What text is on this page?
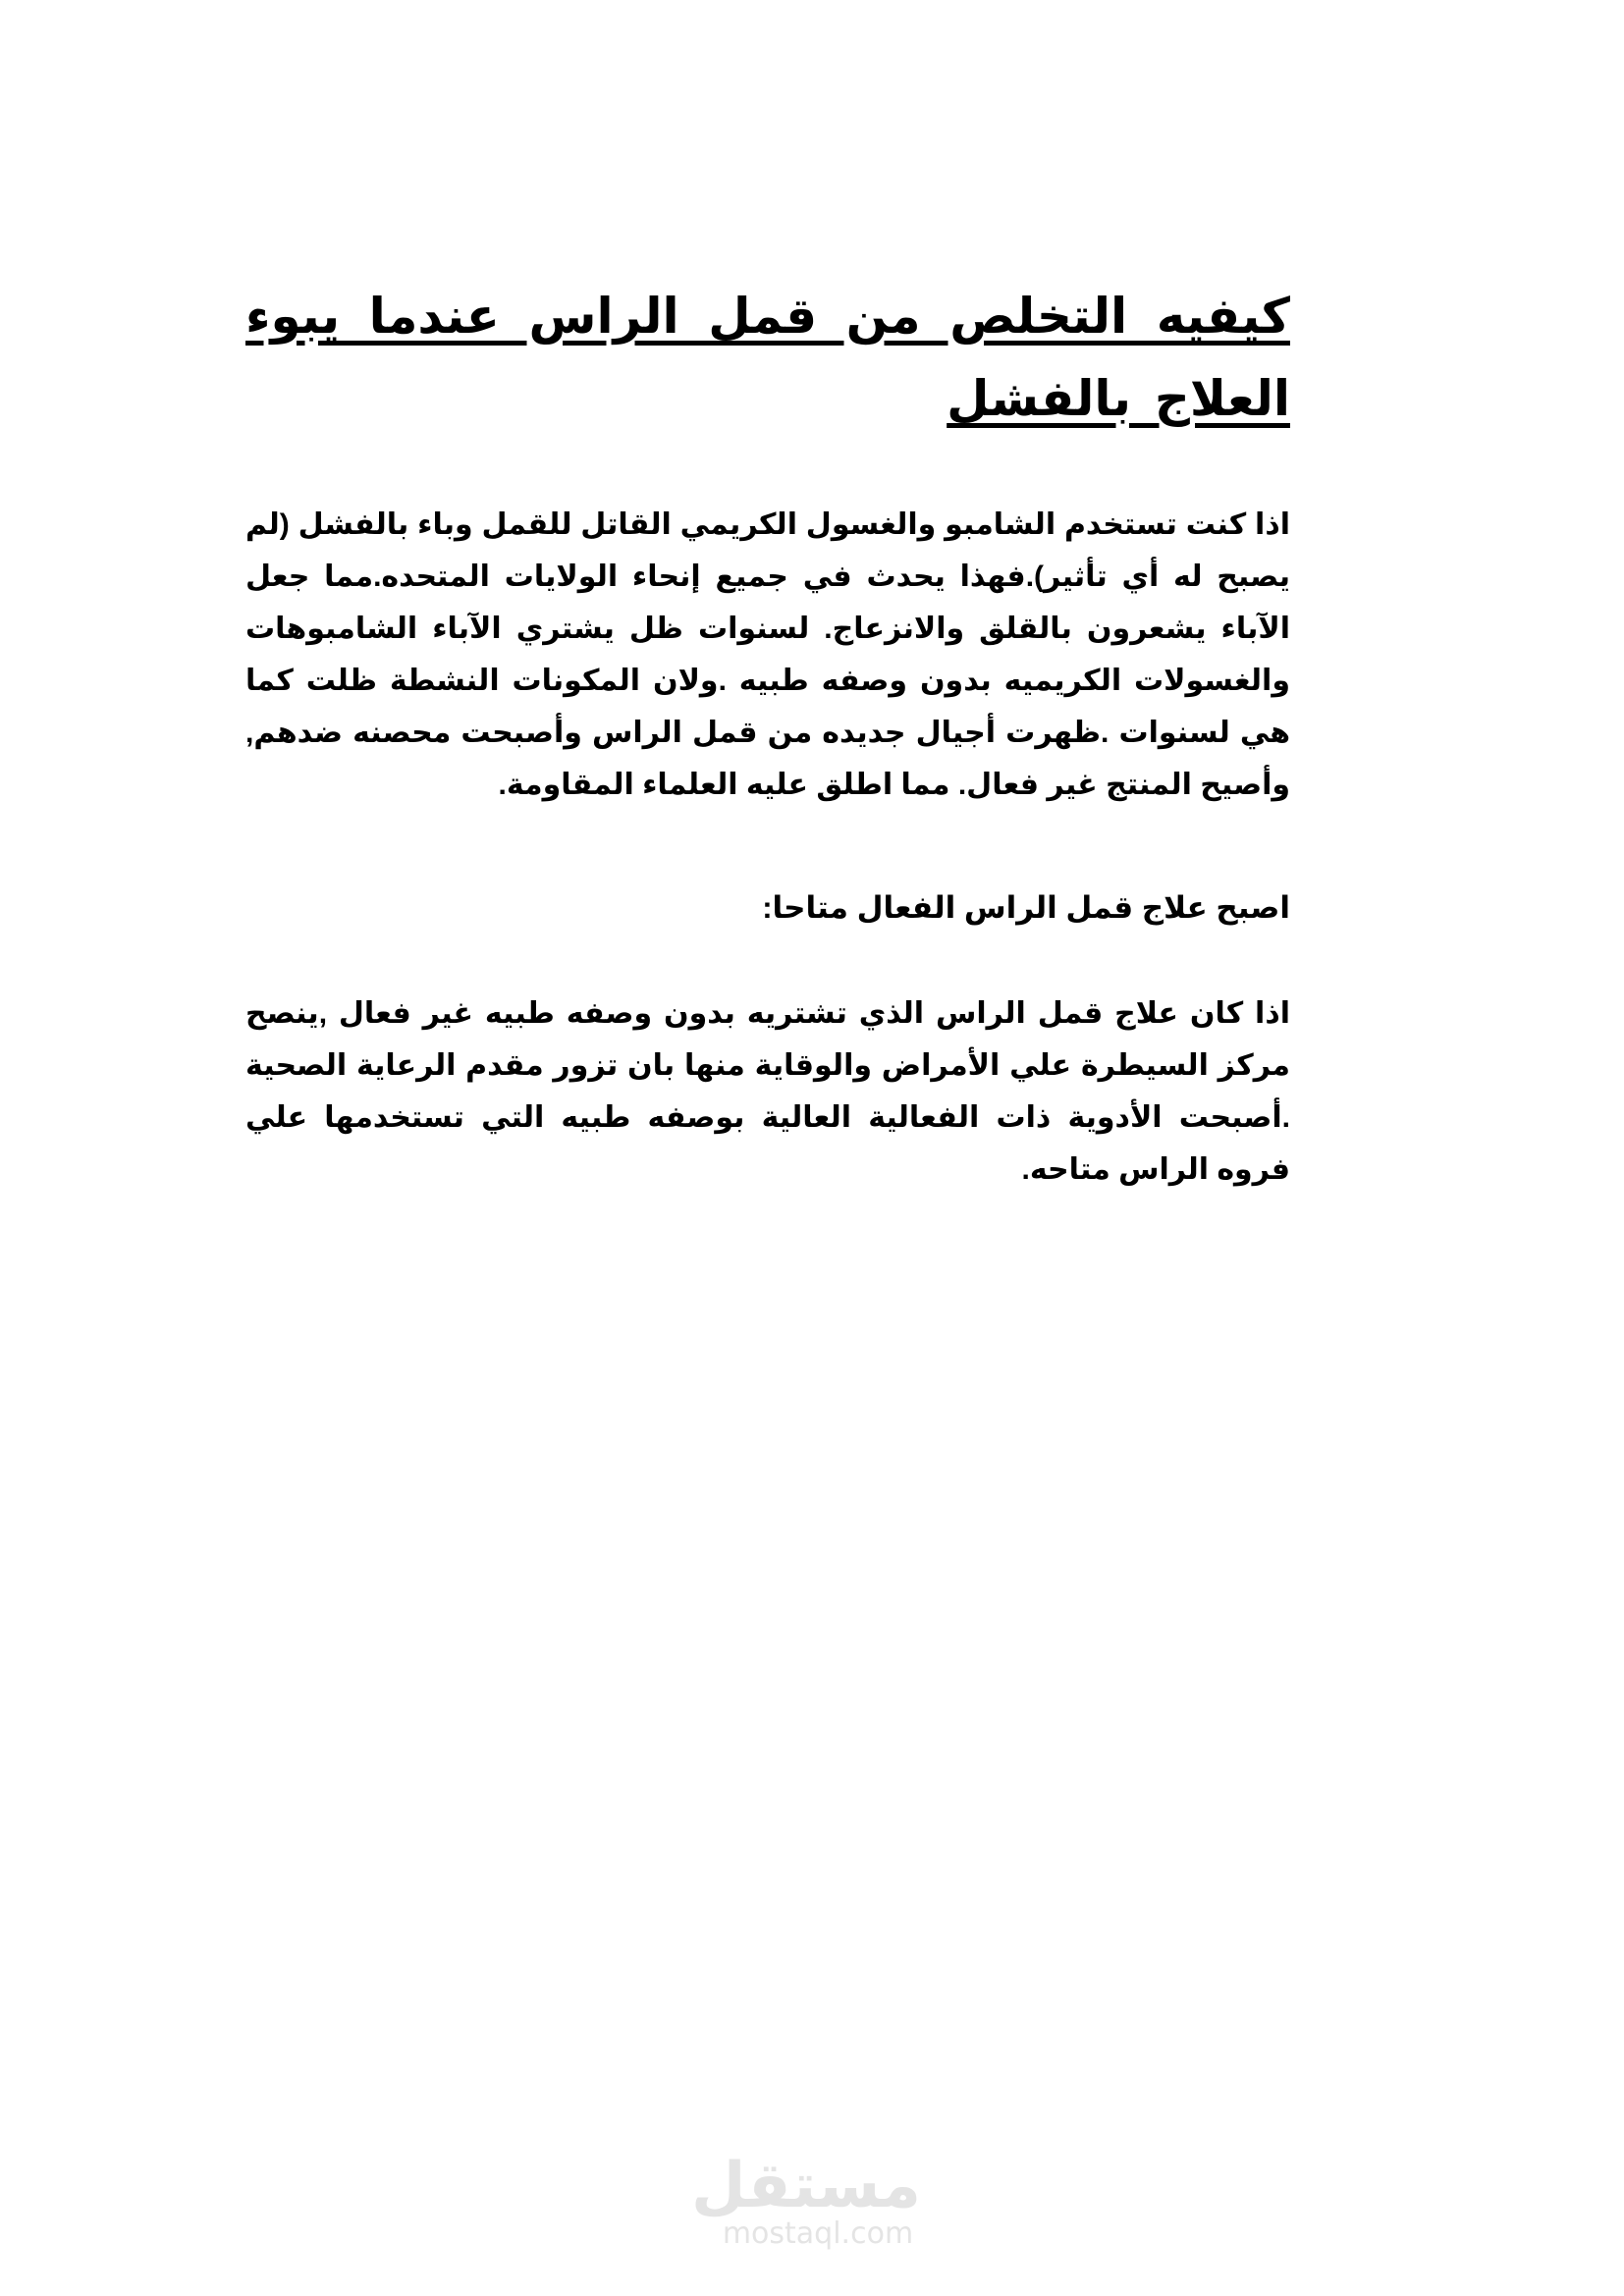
كيفيه التخلص من قمل الراس عندما يبوء العلاج بالفشل
اذا كنت تستخدم الشامبو والغسول الكريمي القاتل للقمل وباء بالفشل (لم يصبح له أي تأثير).فهذا يحدث في جميع إنحاء الولايات المتحده.مما جعل الآباء يشعرون بالقلق والانزعاج. لسنوات ظل يشتري الآباء الشامبوهات والغسولات الكريميه بدون وصفه طبيه .ولان المكونات النشطة ظلت كما هي لسنوات .ظهرت أجيال جديده من قمل الراس وأصبحت محصنه ضدهم, وأصيح المنتج غير فعال. مما اطلق عليه العلماء المقاومة.
اصبح علاج قمل الراس الفعال متاحا:
اذا كان علاج قمل الراس الذي تشتريه بدون وصفه طبيه غير فعال ,ينصح مركز السيطرة علي الأمراض والوقاية منها بان تزور مقدم الرعاية الصحية .أصبحت الأدوية ذات الفعالية العالية بوصفه طبيه التي تستخدمها علي فروه الراس متاحه.
مستقل
mostaql.com
